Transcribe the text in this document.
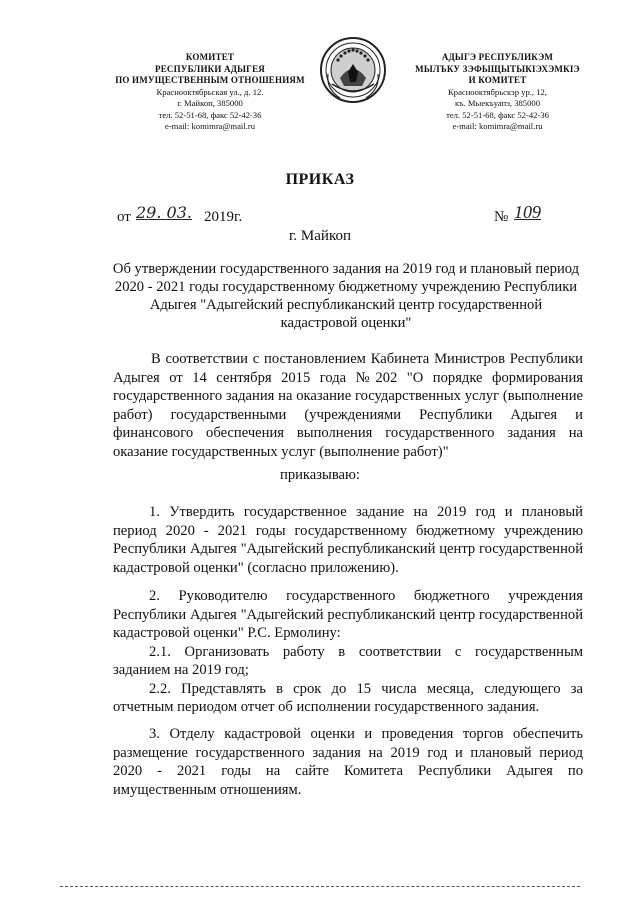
КОМИТЕТ
РЕСПУБЛИКИ АДЫГЕЯ
ПО ИМУЩЕСТВЕННЫМ ОТНОШЕНИЯМ
Краснооктябрьская ул., д. 12.
г. Майкоп, 385000
тел. 52-51-68, факс 52-42-36
e-mail: komimra@mail.ru
АДЫГЭ РЕСПУБЛИКЭМ
МЫЛЪКУ ЗЭФЫЩЫТЫКІЭХЭМКІЭ
И КОМИТЕТ
Краснооктябрьскэр ур., 12,
къ. Мыекъуапэ, 385000
тел. 52-51-68, факс 52-42-36
e-mail: komimra@mail.ru
ПРИКАЗ
от 29. 03. 2019г.	№ 109
г. Майкоп
Об утверждении государственного задания на 2019 год и плановый период 2020 - 2021 годы государственному бюджетному учреждению Республики Адыгея "Адыгейский республиканский центр государственной кадастровой оценки"
В соответствии с постановлением Кабинета Министров Республики Адыгея от 14 сентября 2015 года №202 "О порядке формирования государственного задания на оказание государственных услуг (выполнение работ) государственными (учреждениями Республики Адыгея и финансового обеспечения выполнения государственного задания на оказание государственных услуг (выполнение работ)"
приказываю:
1. Утвердить государственное задание на 2019 год и плановый период 2020 - 2021 годы государственному бюджетному учреждению Республики Адыгея "Адыгейский республиканский центр государственной кадастровой оценки" (согласно приложению).
2. Руководителю государственного бюджетного учреждения Республики Адыгея "Адыгейский республиканский центр государственной кадастровой оценки" Р.С. Ермолину:
2.1. Организовать работу в соответствии с государственным заданием на 2019 год;
2.2. Представлять в срок до 15 числа месяца, следующего за отчетным периодом отчет об исполнении государственного задания.
3. Отделу кадастровой оценки и проведения торгов обеспечить размещение государственного задания на 2019 год и плановый период 2020 - 2021 годы на сайте Комитета Республики Адыгея по имущественным отношениям.
